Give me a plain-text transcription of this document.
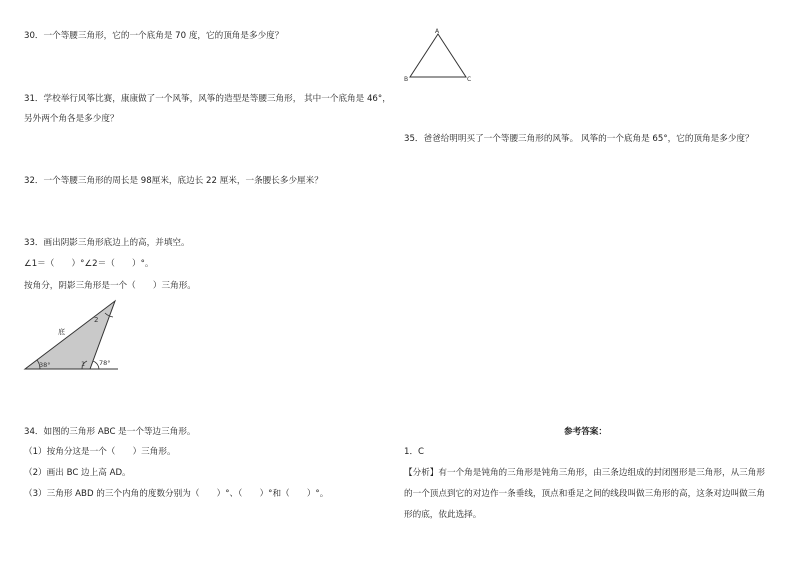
30．一个等腰三角形，它的一个底角是 70 度，它的顶角是多少度？
31．学校举行风筝比赛，康康做了一个风筝，风筝的造型是等腰三角形， 其中一个底角是 46°，
另外两个角各是多少度？
32．一个等腰三角形的周长是 98厘米，底边长 22 厘米，一条腰长多少厘米？
33．画出阴影三角形底边上的高，并填空。
∠1＝（　　）°∠2＝（　　）°。
按角分，阴影三角形是一个（　　）三角形。
底
2
38°	1 78°
34．如图的三角形 ABC 是一个等边三角形。
（1）按角分这是一个（　　）三角形。
（2）画出 BC 边上高 AD。
（3）三角形 ABD 的三个内角的度数分别为（　　）°、（　　）°和（　　）°。
A
B	C
35．爸爸给明明买了一个等腰三角形的风筝。 风筝的一个底角是 65°，它的顶角是多少度？
参考答案：
1．C
【分析】有一个角是钝角的三角形是钝角三角形，由三条边组成的封闭图形是三角形，从三角形
的一个顶点到它的对边作一条垂线，顶点和垂足之间的线段叫做三角形的高，这条对边叫做三角
形的底，依此选择。
